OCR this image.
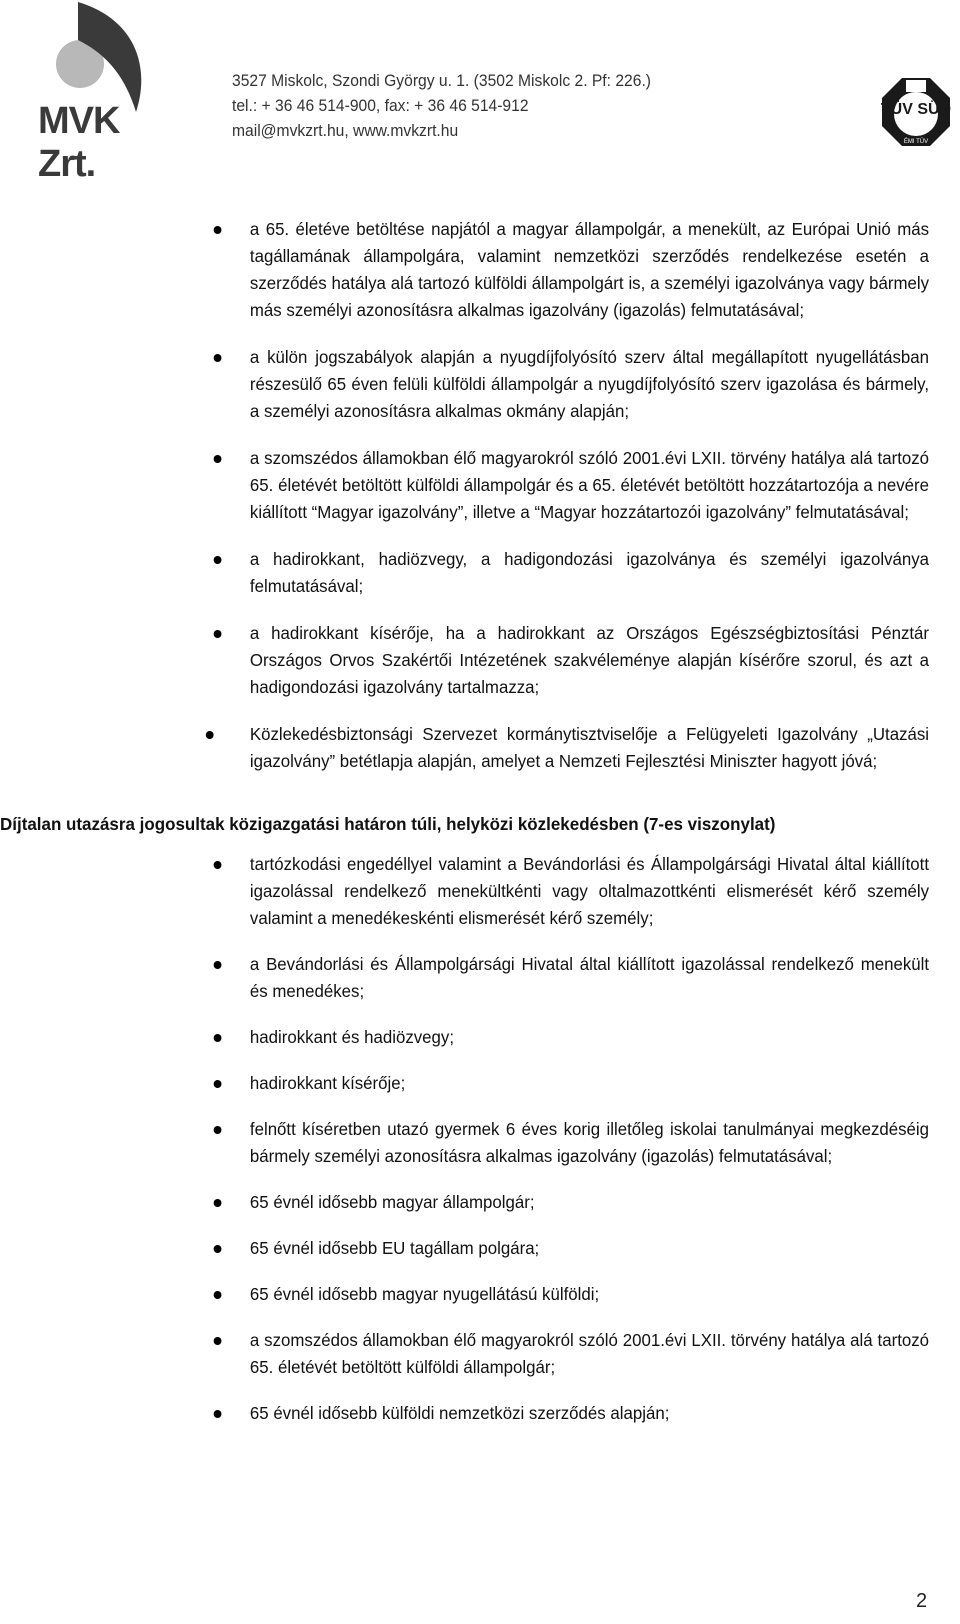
MVK Zrt.
3527 Miskolc, Szondi György u. 1. (3502 Miskolc 2. Pf: 226.)
tel.: + 36 46 514-900, fax: + 36 46 514-912
mail@mvkzrt.hu, www.mvkzrt.hu
TÜV SÜD
ÉMI TÜV
a 65. életéve betöltése napjától a magyar állampolgár, a menekült, az Európai Unió más tagállamának állampolgára, valamint nemzetközi szerződés rendelkezése esetén a szerződés hatálya alá tartozó külföldi állampolgárt is, a személyi igazolványa vagy bármely más személyi azonosításra alkalmas igazolvány (igazolás) felmutatásával;
a külön jogszabályok alapján a nyugdíjfolyósító szerv által megállapított nyugellátásban részesülő 65 éven felüli külföldi állampolgár a nyugdíjfolyósító szerv igazolása és bármely, a személyi azonosításra alkalmas okmány alapján;
a szomszédos államokban élő magyarokról szóló 2001.évi LXII. törvény hatálya alá tartozó 65. életévét betöltött külföldi állampolgár és a 65. életévét betöltött hozzátartozója a nevére kiállított “Magyar igazolvány”, illetve a “Magyar hozzátartozói igazolvány” felmutatásával;
a hadirokkant, hadiözvegy, a hadigondozási igazolványa és személyi igazolványa felmutatásával;
a hadirokkant kísérője, ha a hadirokkant az Országos Egészségbiztosítási Pénztár Országos Orvos Szakértői Intézetének szakvéleménye alapján kísérőre szorul, és azt a hadigondozási igazolvány tartalmazza;
Közlekedésbiztonsági Szervezet kormánytisztviselője a Felügyeleti Igazolvány „Utazási igazolvány” betétlapja alapján, amelyet a Nemzeti Fejlesztési Miniszter hagyott jóvá;
Díjtalan utazásra jogosultak közigazgatási határon túli, helyközi közlekedésben (7-es viszonylat)
tartózkodási engedéllyel valamint a Bevándorlási és Állampolgársági Hivatal által kiállított igazolással rendelkező menekültkénti vagy oltalmazottkénti elismerését kérő személy valamint a menedékeskénti elismerését kérő személy;
a Bevándorlási és Állampolgársági Hivatal által kiállított igazolással rendelkező menekült és menedékes;
hadirokkant és hadiözvegy;
hadirokkant kísérője;
felnőtt kíséretben utazó gyermek 6 éves korig illetőleg iskolai tanulmányai megkezdéséig bármely személyi azonosításra alkalmas igazolvány (igazolás) felmutatásával;
65 évnél idősebb magyar állampolgár;
65 évnél idősebb EU tagállam polgára;
65 évnél idősebb magyar nyugellátású külföldi;
a szomszédos államokban élő magyarokról szóló 2001.évi LXII. törvény hatálya alá tartozó 65. életévét betöltött külföldi állampolgár;
65 évnél idősebb külföldi nemzetközi szerződés alapján;
2
